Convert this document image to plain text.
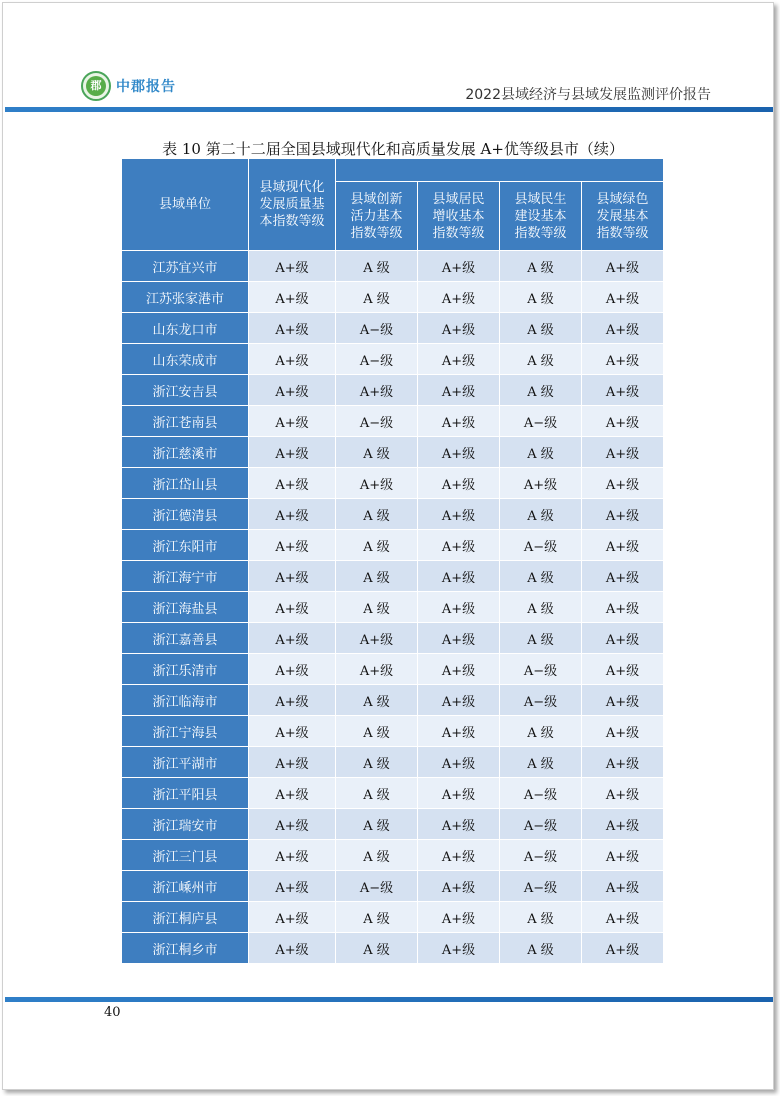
郡	中郡报告	2022县域经济与县域发展监测评价报告
表 10 第二十二届全国县域现代化和高质量发展 A+优等级县市（续）
县域单位	县域现代化发展质量基本指数等级				

		县域创新活力基本指数等级	县域居民增收基本指数等级	县域民生建设基本指数等级	县域绿色发展基本指数等级

江苏宜兴市	A+级	A 级	A+级	A 级	A+级
江苏张家港市	A+级	A 级	A+级	A 级	A+级
山东龙口市	A+级	A−级	A+级	A 级	A+级
山东荣成市	A+级	A−级	A+级	A 级	A+级
浙江安吉县	A+级	A+级	A+级	A 级	A+级
浙江苍南县	A+级	A−级	A+级	A−级	A+级
浙江慈溪市	A+级	A 级	A+级	A 级	A+级
浙江岱山县	A+级	A+级	A+级	A+级	A+级
浙江德清县	A+级	A 级	A+级	A 级	A+级
浙江东阳市	A+级	A 级	A+级	A−级	A+级
浙江海宁市	A+级	A 级	A+级	A 级	A+级
浙江海盐县	A+级	A 级	A+级	A 级	A+级
浙江嘉善县	A+级	A+级	A+级	A 级	A+级
浙江乐清市	A+级	A+级	A+级	A−级	A+级
浙江临海市	A+级	A 级	A+级	A−级	A+级
浙江宁海县	A+级	A 级	A+级	A 级	A+级
浙江平湖市	A+级	A 级	A+级	A 级	A+级
浙江平阳县	A+级	A 级	A+级	A−级	A+级
浙江瑞安市	A+级	A 级	A+级	A−级	A+级
浙江三门县	A+级	A 级	A+级	A−级	A+级
浙江嵊州市	A+级	A−级	A+级	A−级	A+级
浙江桐庐县	A+级	A 级	A+级	A 级	A+级
浙江桐乡市	A+级	A 级	A+级	A 级	A+级
40
